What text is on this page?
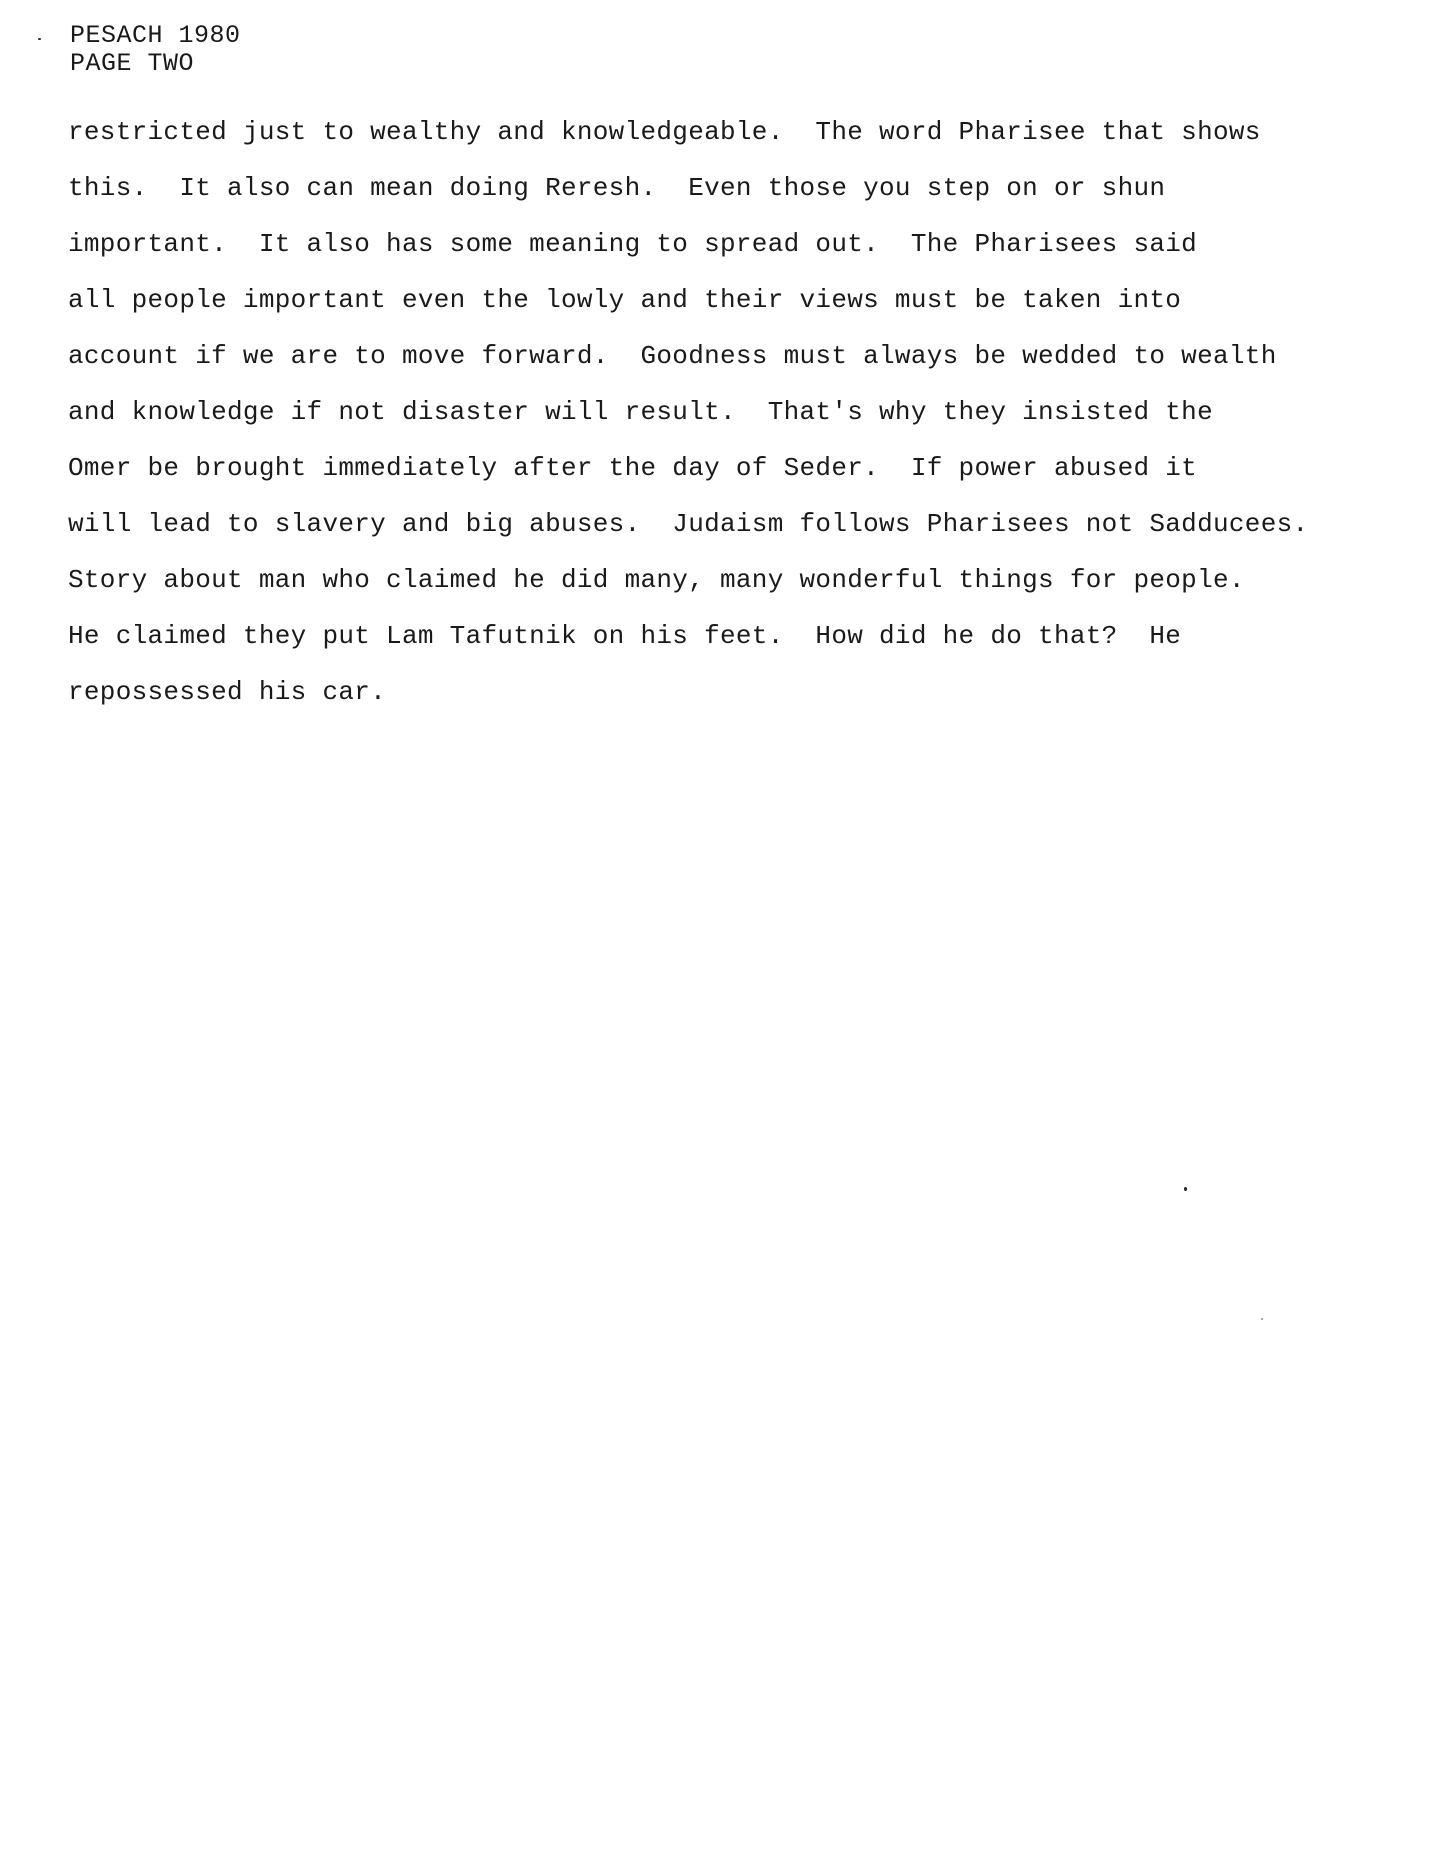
PESACH 1980
PAGE TWO
restricted just to wealthy and knowledgeable.  The word Pharisee that shows
this.  It also can mean doing Reresh.  Even those you step on or shun
important.  It also has some meaning to spread out.  The Pharisees said
all people important even the lowly and their views must be taken into
account if we are to move forward.  Goodness must always be wedded to wealth
and knowledge if not disaster will result.  That's why they insisted the
Omer be brought immediately after the day of Seder.  If power abused it
will lead to slavery and big abuses.  Judaism follows Pharisees not Sadducees.
Story about man who claimed he did many, many wonderful things for people.
He claimed they put Lam Tafutnik on his feet.  How did he do that?  He
repossessed his car.
